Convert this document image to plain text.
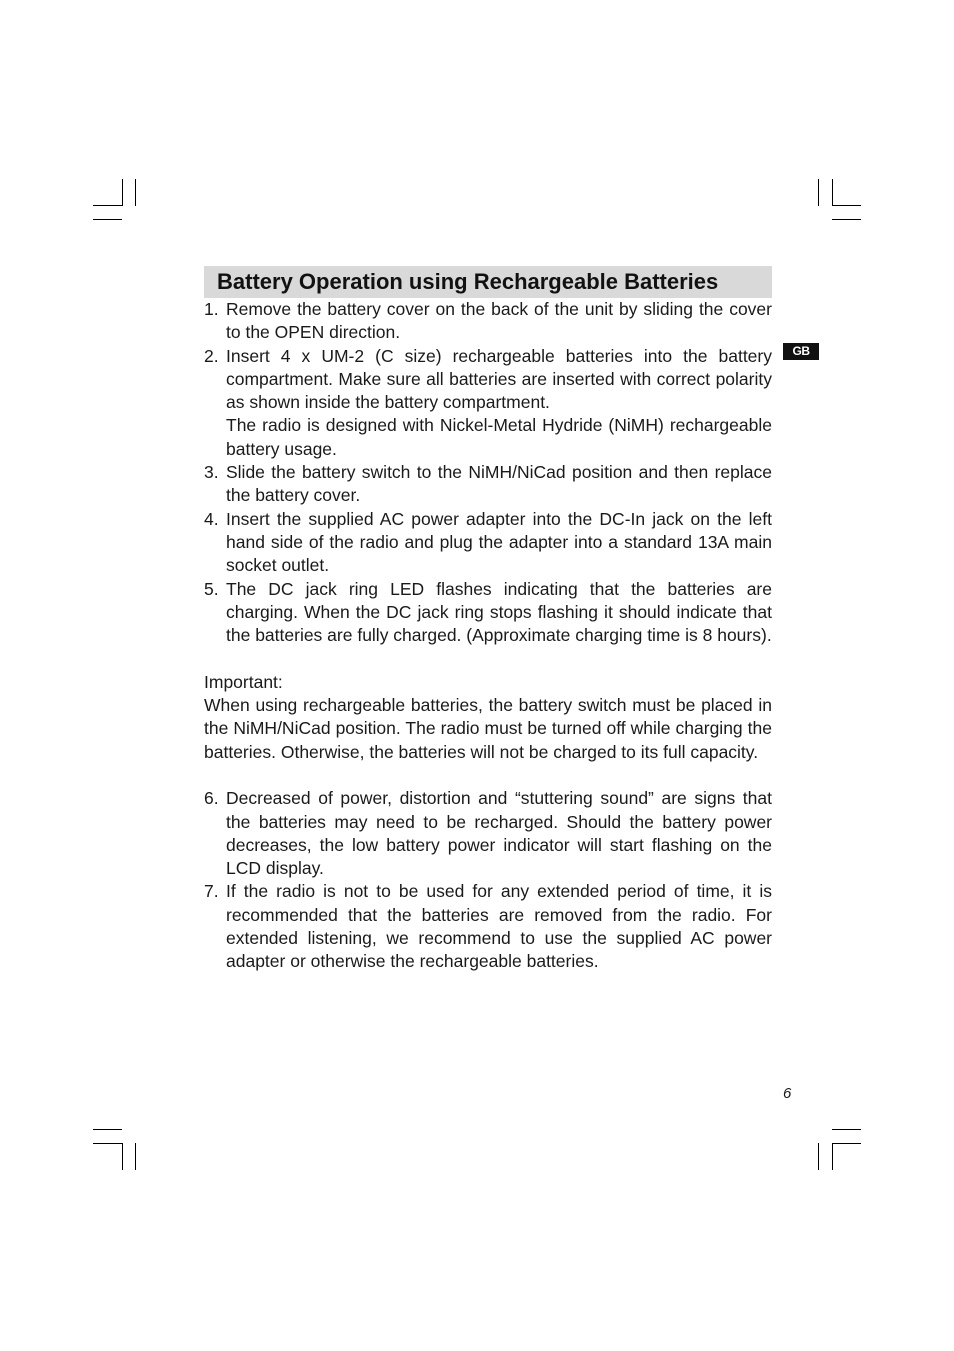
Battery Operation using Rechargeable Batteries
GB
1. Remove the battery cover on the back of the unit by sliding the cover to the OPEN direction.
2. Insert 4 x UM-2 (C size) rechargeable batteries into the battery compartment. Make sure all batteries are inserted with correct polarity as shown inside the battery compartment.
The radio is designed with Nickel-Metal Hydride (NiMH) rechargeable battery usage.
3. Slide the battery switch to the NiMH/NiCad position and then replace the battery cover.
4. Insert the supplied AC power adapter into the DC-In jack on the left hand side of the radio and plug the adapter into a standard 13A main socket outlet.
5. The DC jack ring LED flashes indicating that the batteries are charging. When the DC jack ring stops flashing it should indicate that the batteries are fully charged. (Approximate charging time is 8 hours).

Important:

When using rechargeable batteries, the battery switch must be placed in the NiMH/NiCad position. The radio must be turned off while charging the batteries. Otherwise, the batteries will not be charged to its full capacity.

6. Decreased of power, distortion and “stuttering sound” are signs that the batteries may need to be recharged. Should the battery power decreases, the low battery power indicator will start flashing on the LCD display.
7. If the radio is not to be used for any extended period of time, it is recommended that the batteries are removed from the radio. For extended listening, we recommend to use the supplied AC power adapter or otherwise the rechargeable batteries.
6
